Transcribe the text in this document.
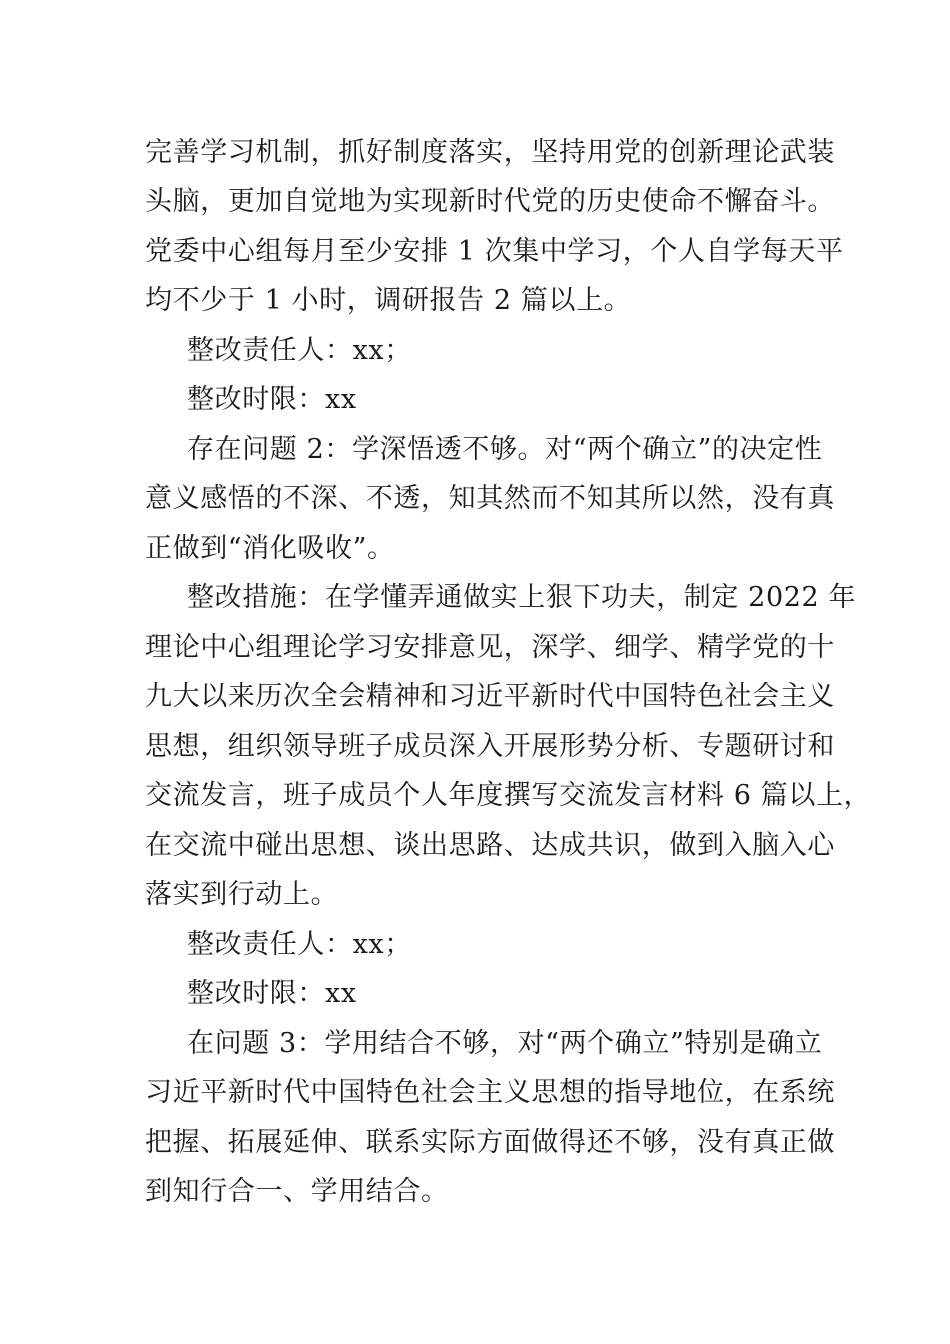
完善学习机制，抓好制度落实，坚持用党的创新理论武装
头脑，更加自觉地为实现新时代党的历史使命不懈奋斗。
党委中心组每月至少安排 1 次集中学习，个人自学每天平
均不少于 1 小时，调研报告 2 篇以上。
整改责任人：xx；
整改时限：xx
存在问题 2：学深悟透不够。对“两个确立”的决定性
意义感悟的不深、不透，知其然而不知其所以然，没有真
正做到“消化吸收”。
整改措施：在学懂弄通做实上狠下功夫，制定 2022 年
理论中心组理论学习安排意见，深学、细学、精学党的十
九大以来历次全会精神和习近平新时代中国特色社会主义
思想，组织领导班子成员深入开展形势分析、专题研讨和
交流发言，班子成员个人年度撰写交流发言材料 6 篇以上，
在交流中碰出思想、谈出思路、达成共识，做到入脑入心
落实到行动上。
整改责任人：xx；
整改时限：xx
在问题 3：学用结合不够，对“两个确立”特别是确立
习近平新时代中国特色社会主义思想的指导地位，在系统
把握、拓展延伸、联系实际方面做得还不够，没有真正做
到知行合一、学用结合。
